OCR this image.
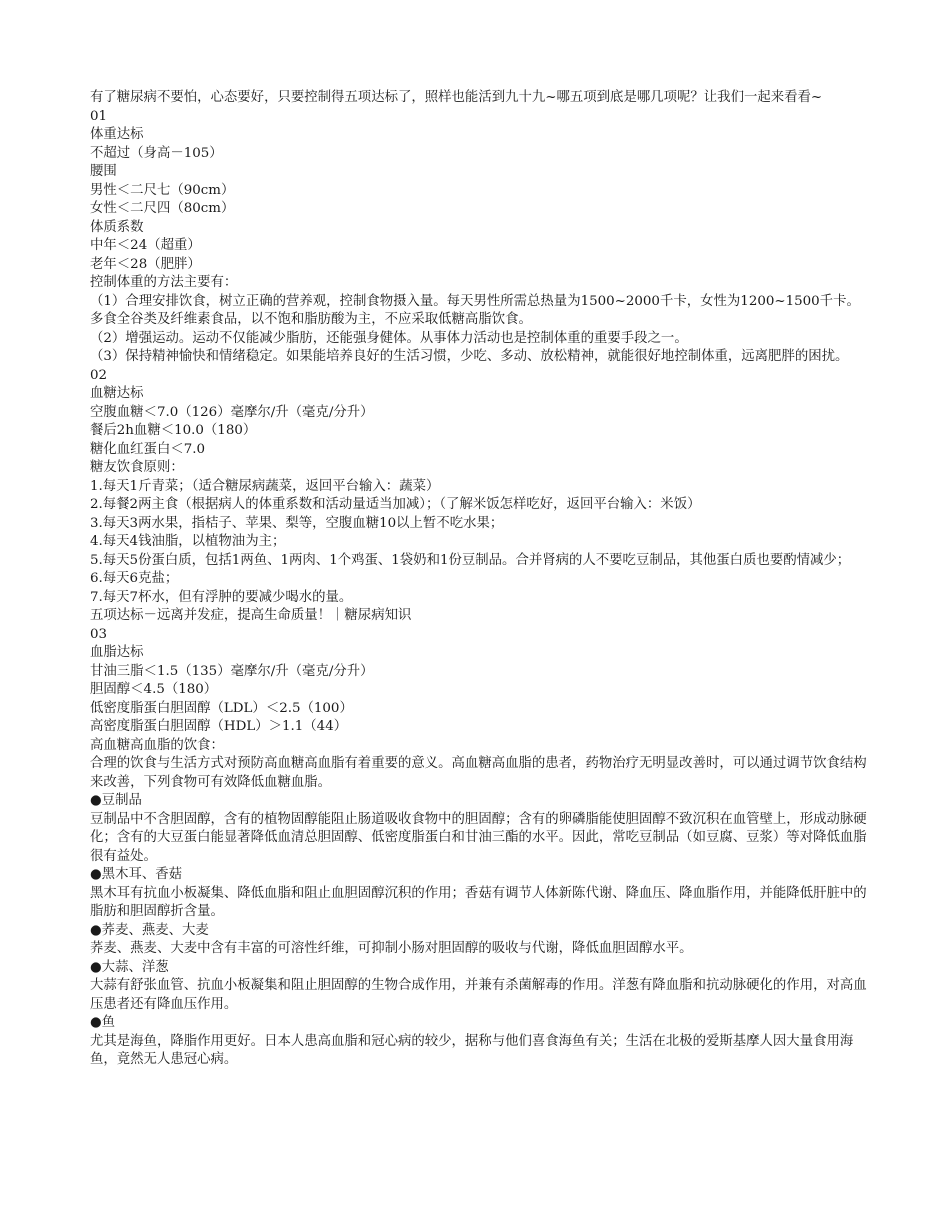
有了糖尿病不要怕，心态要好，只要控制得五项达标了，照样也能活到九十九~哪五项到底是哪几项呢？让我们一起来看看~

01

体重达标

不超过（身高－105）

腰围

男性＜二尺七（90cm）

女性＜二尺四（80cm）

体质系数

中年＜24（超重）

老年＜28（肥胖）

控制体重的方法主要有：

（1）合理安排饮食，树立正确的营养观，控制食物摄入量。每天男性所需总热量为1500~2000千卡，女性为1200~1500千卡。多食全谷类及纤维素食品，以不饱和脂肪酸为主，不应采取低糖高脂饮食。

（2）增强运动。运动不仅能减少脂肪，还能强身健体。从事体力活动也是控制体重的重要手段之一。

（3）保持精神愉快和情绪稳定。如果能培养良好的生活习惯，少吃、多动、放松精神，就能很好地控制体重，远离肥胖的困扰。

02

血糖达标

空腹血糖＜7.0（126）毫摩尔/升（毫克/分升）

餐后2h血糖＜10.0（180）

糖化血红蛋白＜7.0

糖友饮食原则：

1.每天1斤青菜；（适合糖尿病蔬菜，返回平台输入：蔬菜）

2.每餐2两主食（根据病人的体重系数和活动量适当加减）；（了解米饭怎样吃好，返回平台输入：米饭）

3.每天3两水果，指桔子、苹果、梨等，空腹血糖10以上暂不吃水果；

4.每天4钱油脂，以植物油为主；

5.每天5份蛋白质，包括1两鱼、1两肉、1个鸡蛋、1袋奶和1份豆制品。合并肾病的人不要吃豆制品，其他蛋白质也要酌情减少；

6.每天6克盐；

7.每天7杯水，但有浮肿的要减少喝水的量。

五项达标－远离并发症，提高生命质量！｜糖尿病知识

03

血脂达标

甘油三脂＜1.5（135）毫摩尔/升（毫克/分升）

胆固醇＜4.5（180）

低密度脂蛋白胆固醇（LDL）＜2.5（100）

高密度脂蛋白胆固醇（HDL）＞1.1（44）

高血糖高血脂的饮食：

合理的饮食与生活方式对预防高血糖高血脂有着重要的意义。高血糖高血脂的患者，药物治疗无明显改善时，可以通过调节饮食结构来改善，下列食物可有效降低血糖血脂。

●豆制品

豆制品中不含胆固醇，含有的植物固醇能阻止肠道吸收食物中的胆固醇；含有的卵磷脂能使胆固醇不致沉积在血管壁上，形成动脉硬化；含有的大豆蛋白能显著降低血清总胆固醇、低密度脂蛋白和甘油三酯的水平。因此，常吃豆制品（如豆腐、豆浆）等对降低血脂很有益处。

●黑木耳、香菇

黑木耳有抗血小板凝集、降低血脂和阻止血胆固醇沉积的作用；香菇有调节人体新陈代谢、降血压、降血脂作用，并能降低肝脏中的脂肪和胆固醇折含量。

●荞麦、燕麦、大麦

荞麦、燕麦、大麦中含有丰富的可溶性纤维，可抑制小肠对胆固醇的吸收与代谢，降低血胆固醇水平。

●大蒜、洋葱

大蒜有舒张血管、抗血小板凝集和阻止胆固醇的生物合成作用，并兼有杀菌解毒的作用。洋葱有降血脂和抗动脉硬化的作用，对高血压患者还有降血压作用。

●鱼

尤其是海鱼，降脂作用更好。日本人患高血脂和冠心病的较少，据称与他们喜食海鱼有关；生活在北极的爱斯基摩人因大量食用海鱼，竟然无人患冠心病。
